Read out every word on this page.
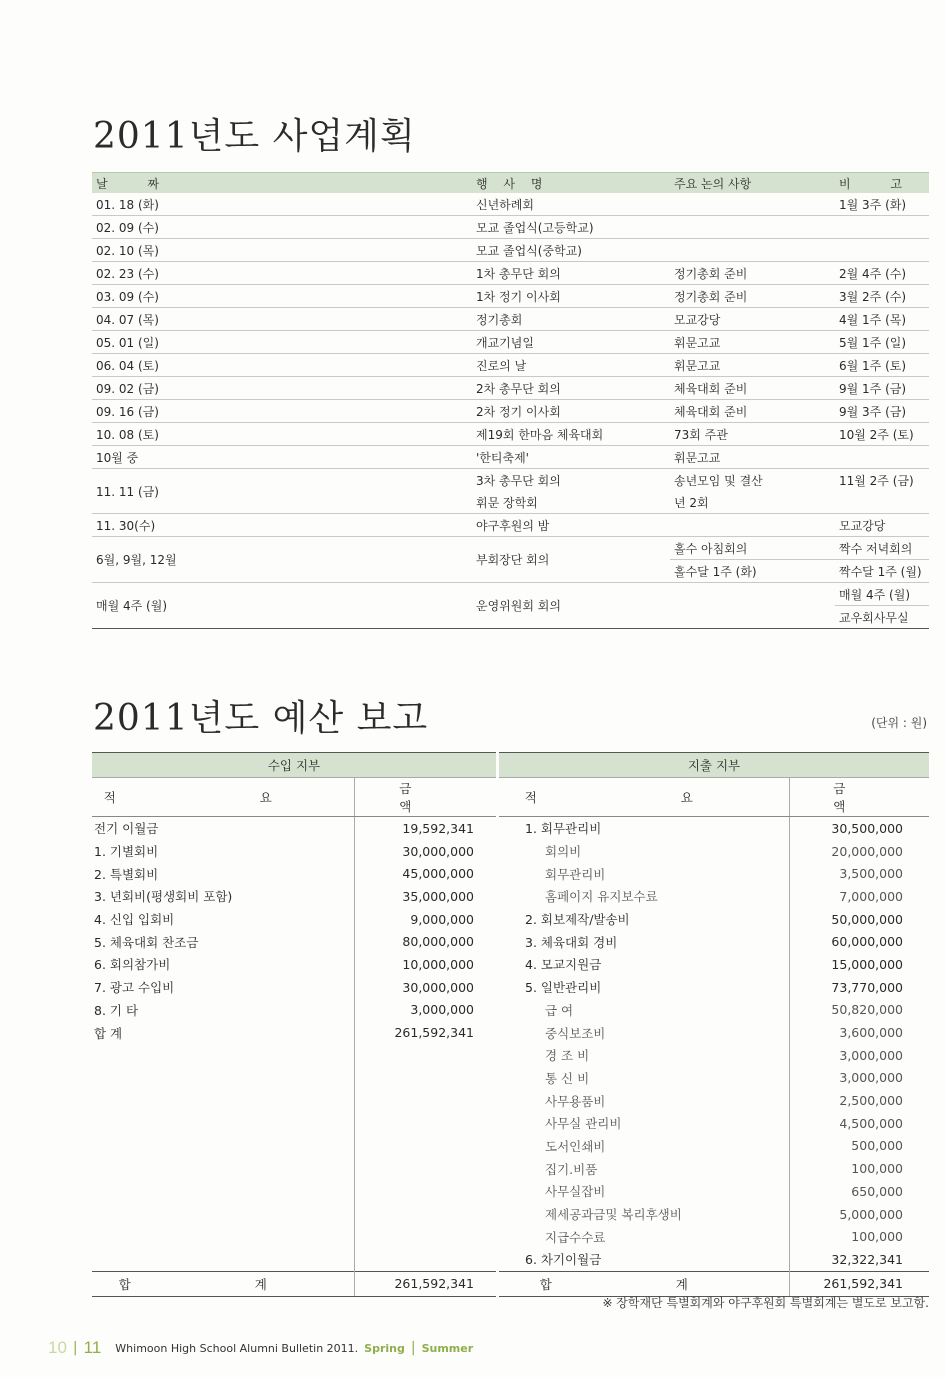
2011년도 사업계획
날 짜	행 사 명	주요 논의 사항	비 고
01. 18 (화)	신년하례회		1월 3주 (화)
02. 09 (수)	모교 졸업식(고등학교)		
02. 10 (목)	모교 졸업식(중학교)		
02. 23 (수)	1차 총무단 회의	정기총회 준비	2월 4주 (수)
03. 09 (수)	1차 정기 이사회	정기총회 준비	3월 2주 (수)
04. 07 (목)	정기총회	모교강당	4월 1주 (목)
05. 01 (일)	개교기념일	휘문고교	5월 1주 (일)
06. 04 (토)	진로의 날	휘문고교	6월 1주 (토)
09. 02 (금)	2차 총무단 회의	체육대회 준비	9월 1주 (금)
09. 16 (금)	2차 정기 이사회	체육대회 준비	9월 3주 (금)
10. 08 (토)	제19회 한마음 체육대회	73회 주관	10월 2주 (토)
10월 중	'한티축제'	휘문고교	
11. 11 (금)	3차 총무단 회의	송년모임 및 결산	11월 2주 (금)
	휘문 장학회	년 2회	
11. 30(수)	야구후원의 밤		모교강당
6월, 9월, 12월	부회장단 회의	홀수 아침회의	짝수 저녁회의
		홀수달 1주 (화)	짝수달 1주 (월)
매월 4주 (월)	운영위원회 회의		매월 4주 (월)
			교우회사무실
2011년도 예산 보고	(단위 : 원)
수입 지부	
적 요	금 액
전기 이월금	19,592,341
1. 기별회비	30,000,000
2. 특별회비	45,000,000
3. 년회비(평생회비 포함)	35,000,000
4. 신입 입회비	9,000,000
5. 체육대회 찬조금	80,000,000
6. 회의참가비	10,000,000
7. 광고 수입비	30,000,000
8. 기 타	3,000,000
합 계	261,592,341

합 계	261,592,341
지출 지부	
적 요	금 액
1. 회무관리비	30,500,000
회의비	20,000,000
회무관리비	3,500,000
홈페이지 유지보수료	7,000,000
2. 회보제작/발송비	50,000,000
3. 체육대회 경비	60,000,000
4. 모교지원금	15,000,000
5. 일반관리비	73,770,000
급 여	50,820,000
중식보조비	3,600,000
경 조 비	3,000,000
통 신 비	3,000,000
사무용품비	2,500,000
사무실 관리비	4,500,000
도서인쇄비	500,000
집기.비품	100,000
사무실잡비	650,000
제세공과금및 복리후생비	5,000,000
지급수수료	100,000
6. 차기이월금	32,322,341
합 계	261,592,341
※ 장학재단 특별회계와 야구후원회 특별회계는 별도로 보고함.
10 | 11 Whimoon High School Alumni Bulletin 2011. Spring | Summer
